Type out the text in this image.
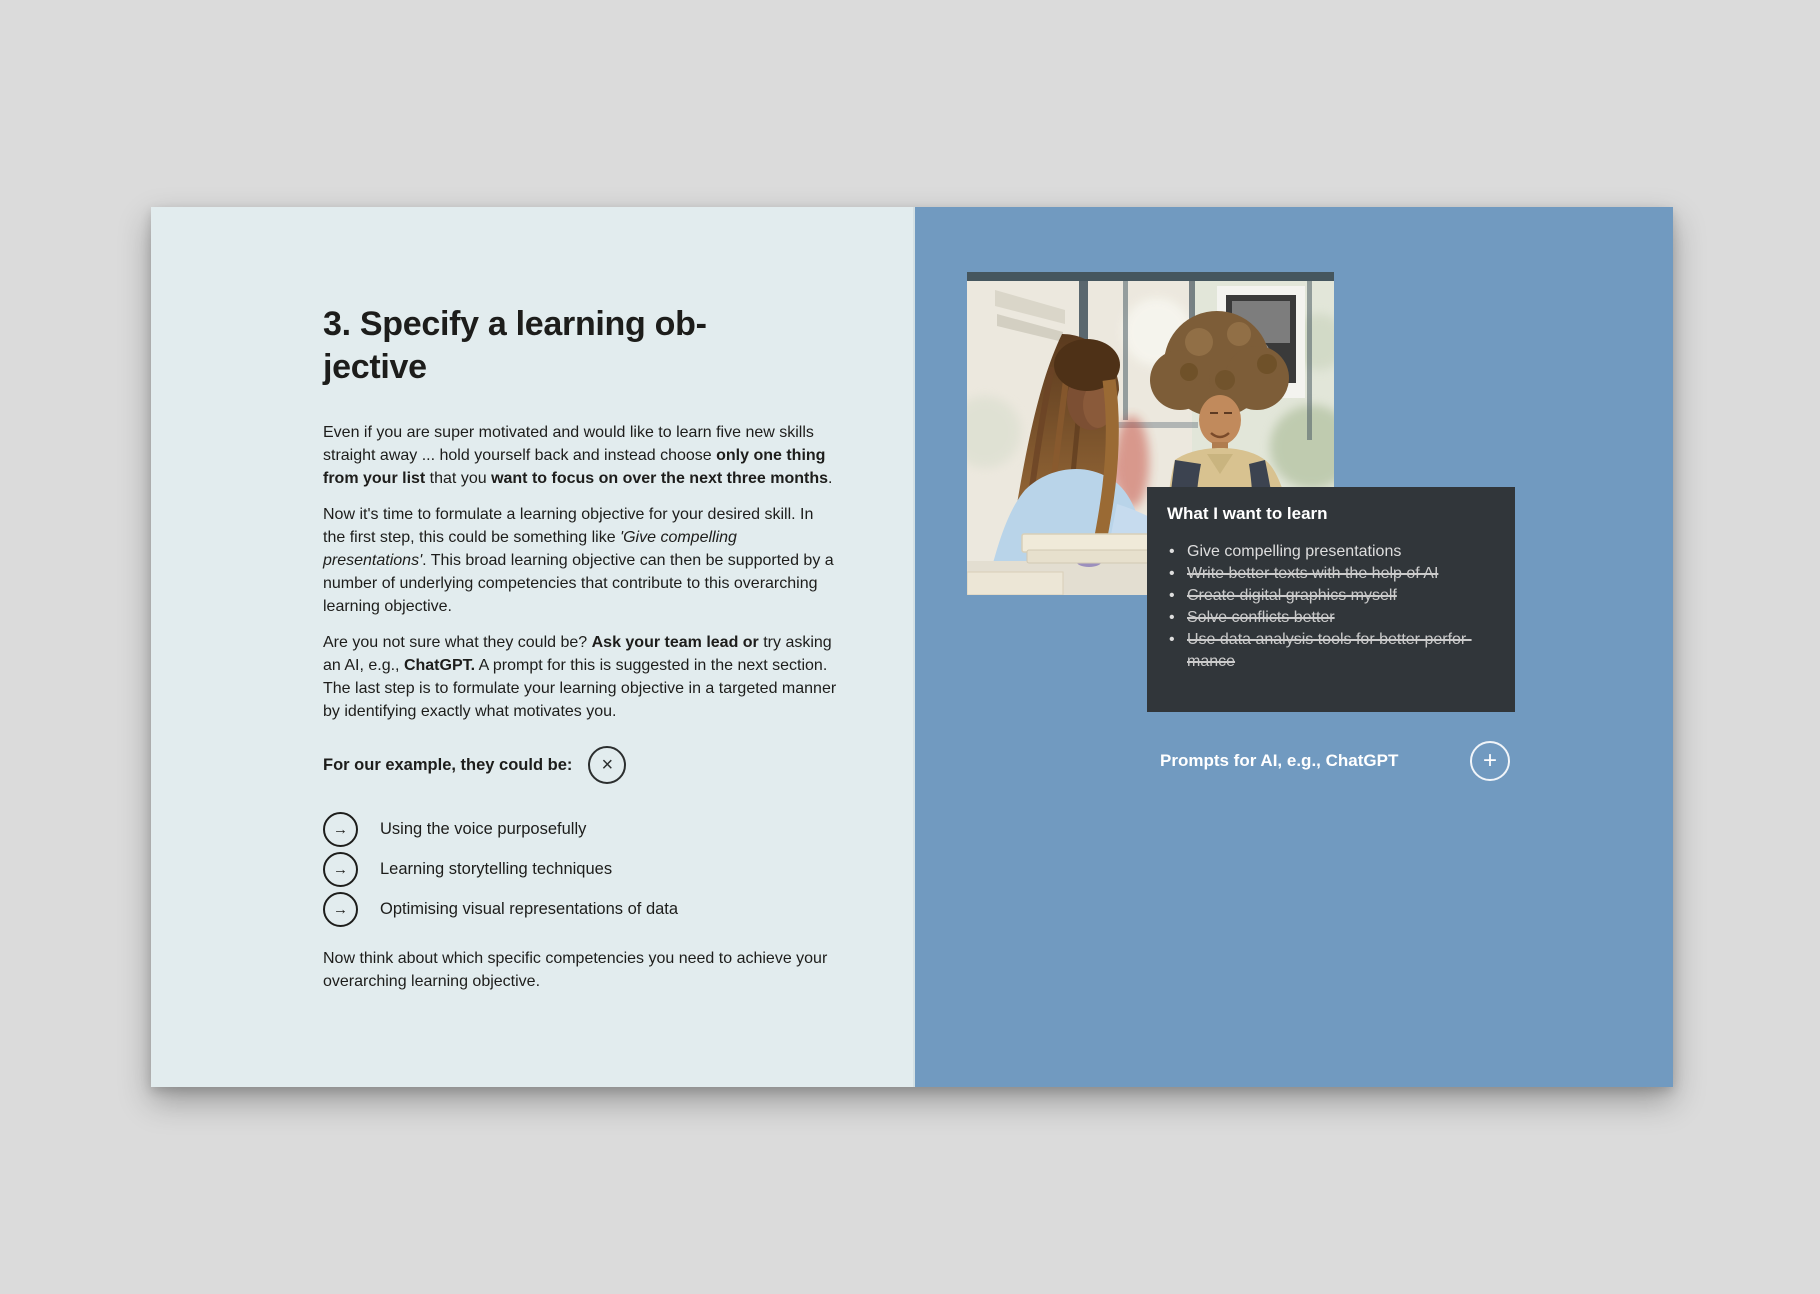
3. Specify a learning ob-
jective

Even if you are super motivated and would like to learn five new skills straight away ... hold yourself back and instead choose only one thing from your list that you want to focus on over the next three months.

Now it's time to formulate a learning objective for your desired skill. In the first step, this could be something like 'Give compelling presentations'. This broad learning objective can then be supported by a number of underlying competencies that contribute to this overarching learning objective.

Are you not sure what they could be? Ask your team lead or try asking an AI, e.g., ChatGPT. A prompt for this is suggested in the next section. The last step is to formulate your learning objective in a targeted manner by identifying exactly what motivates you.

For our example, they could be: ×
→ Using the voice purposefully
→ Learning storytelling techniques
→ Optimising visual representations of data

Now think about which specific competencies you need to achieve your overarching learning objective.

What I want to learn
• Give compelling presentations
• Write better texts with the help of AI
• Create digital graphics myself
• Solve conflicts better
• Use data analysis tools for better perfor-mance
Prompts for AI, e.g., ChatGPT	+
